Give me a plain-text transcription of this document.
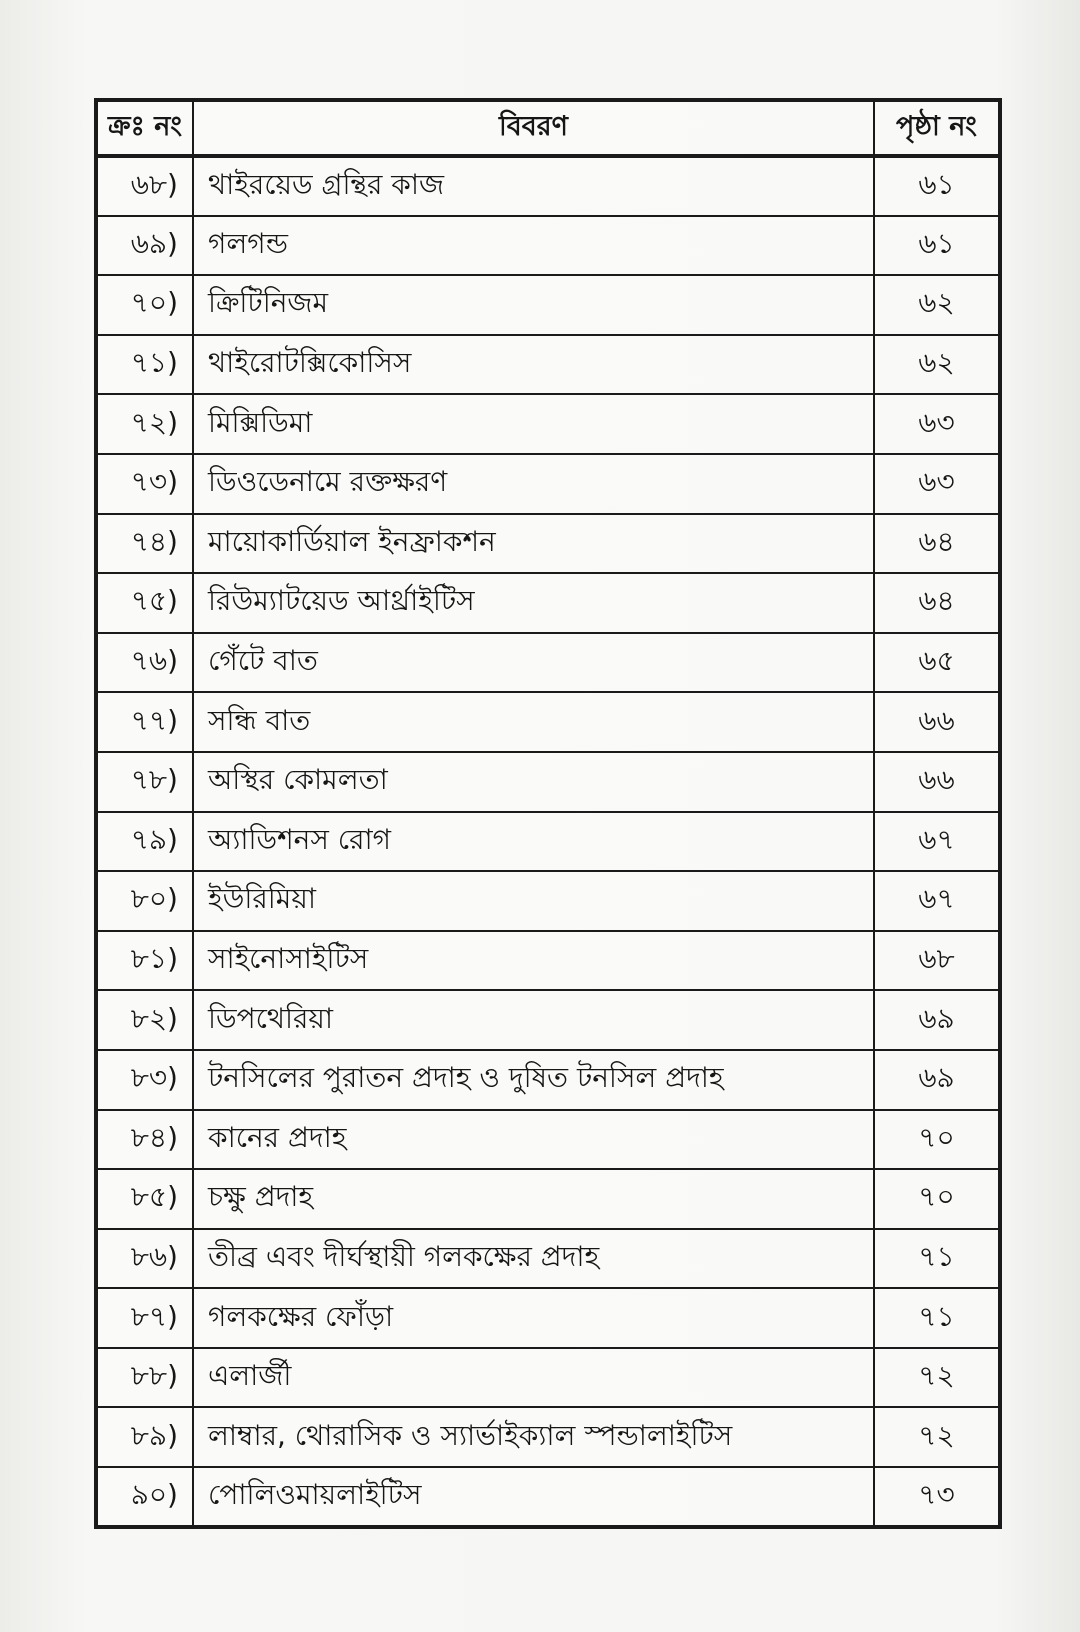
ক্রঃ নং	বিবরণ	পৃষ্ঠা নং
৬৮)	থাইরয়েড গ্রন্থির কাজ	৬১
৬৯)	গলগন্ড	৬১
৭০)	ক্রিটিনিজম	৬২
৭১)	থাইরোটক্সিকোসিস	৬২
৭২)	মিক্সিডিমা	৬৩
৭৩)	ডিওডেনামে রক্তক্ষরণ	৬৩
৭৪)	মায়োকার্ডিয়াল ইনফ্রাকশন	৬৪
৭৫)	রিউম্যাটয়েড আর্থ্রাইটিস	৬৪
৭৬)	গেঁটে বাত	৬৫
৭৭)	সন্ধি বাত	৬৬
৭৮)	অস্থির কোমলতা	৬৬
৭৯)	অ্যাডিশনস রোগ	৬৭
৮০)	ইউরিমিয়া	৬৭
৮১)	সাইনোসাইটিস	৬৮
৮২)	ডিপথেরিয়া	৬৯
৮৩)	টনসিলের পুরাতন প্রদাহ ও দুষিত টনসিল প্রদাহ	৬৯
৮৪)	কানের প্রদাহ	৭০
৮৫)	চক্ষু প্রদাহ	৭০
৮৬)	তীব্র এবং দীর্ঘস্থায়ী গলকক্ষের প্রদাহ	৭১
৮৭)	গলকক্ষের ফোঁড়া	৭১
৮৮)	এলার্জী	৭২
৮৯)	লাম্বার, থোরাসিক ও স্যার্ভাইক্যাল স্পন্ডালাইটিস	৭২
৯০)	পোলিওমায়লাইটিস	৭৩
